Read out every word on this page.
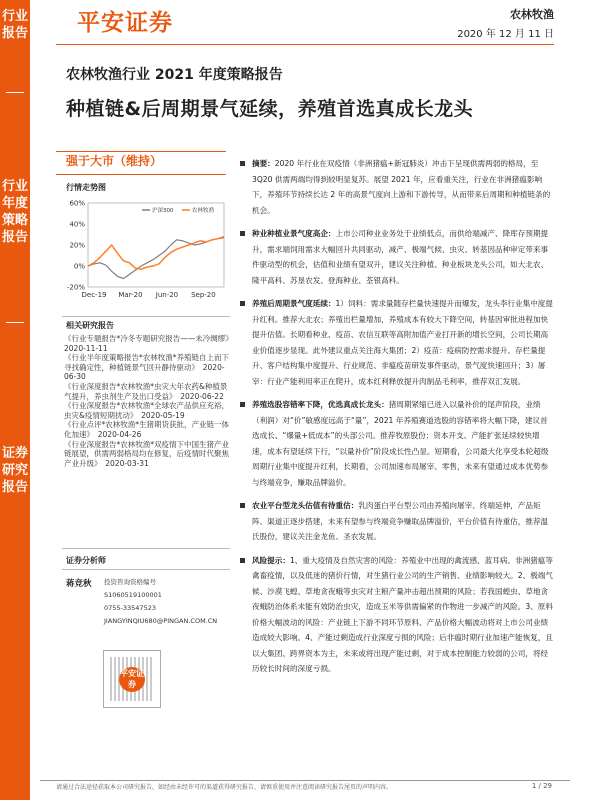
行业报告
行业年度策略报告
证券研究报告
平安证券	农林牧渔
2020 年 12 月 11 日
农林牧渔行业 2021 年度策略报告
种植链&后周期景气延续，养殖首选真成长龙头
强于大市（维持）
行情走势图
60%
40%
20%
0%
-20%
Dec-19 Mar-20 Jun-20 Sep-20
沪深300	农林牧渔
相关研究报告
《行业专题报告*冷冬专题研究报告——未冷绸缪》　2020-11-11
《行业半年度策略报告*农林牧渔*养殖链自上而下寻找确定性，种植链景气回升静待驱动》　2020-06-30
《行业深度报告*农林牧渔*虫灾大年农药&种植景气提升，养虫剂生产及出口受益》　2020-06-22
《行业深度报告*农林牧渔*全球农产品供应充裕，虫灾&疫情短期扰动》　2020-05-19
《行业点评*农林牧渔*生猪期货获批，产业链一体化加速》　2020-04-26
《行业深度报告*农林牧渔*双疫情下中国生猪产业链展望，供需两弱格局均在修复，后疫情时代聚焦产业升级》　2020-03-31
证券分析师
蒋竞秋 投资咨询资格编号
S1060519100001
0755-33547523
JIANGYINQIU680@PINGAN.COM.CN
平安证券
摘要：2020 年行业在双疫情（非洲猪瘟+新冠肺炎）冲击下呈现供需两弱的格局，至 3Q20 供需两端均得到较明显复苏。展望 2021 年，应看重关注，行业在非洲猪瘟影响下，养殖环节持续长达 2 年的高景气度向上游和下游传导，从而带来后周期和种植链条的机会。
种业种植业景气度高企：上市公司种业业务处于业绩低点，而供给端减产、降库存预期提升，需求端饲用需求大幅回升共同驱动，减产、极端气候、虫灾、转基因品种审定带来事件驱动型的机会，估值和业绩有望双升，建议关注种植、种业板块龙头公司，如大北农、隆平高科、苏垦农发、登海种业、荃银高科。
养殖后周期景气度延续：1）饲料：需求量随存栏量快速提升而爆发，龙头李行业集中度提升红利。推荐大北农；养殖出栏量增加，养殖成本有较大下降空间，转基因审批进程加快提升估值。长期看种业、疫苗、农信互联等高附加值产业打开新的增长空间，公司长期高业价值逐步显现。此外建议重点关注海大集团；2）疫苗：疫病防控需求提升、存栏量提升、客户结构集中度提升、行业规范、非瘟疫苗研发事件驱动，景气度快速回升；3）屠宰：行业产能利用率正在爬升，成本红利释放提升肉制品毛利率，推荐双汇发展。
养殖选股容错率下降，优选真成长龙头：猪周期紧缩已进入以量补价的尾声阶段，业绩（利润）对“价”敏感度远高于“量”，2021 年养殖赛道选股的容错率将大幅下降，建议首选成长、“爆量+低成本”的头部公司。推荐牧原股份；资本开支、产能扩张延续较快增速，成本有望延续下行，“以量补价”阶段成长性凸显。短期看，公司最大化享受本轮超级周期行业集中度提升红利，长期看，公司加速布局屠宰、零售，未来有望通过成本优势参与终端竞争，赚取品牌溢价。
农业平台型龙头估值有待重估：乳肉蛋白平台型公司由养殖向屠宰、终端延伸，产品矩阵、渠道正逐步搭建，未来有望参与终端竞争赚取品牌溢价，平台价值有待重估，推荐温氏股份，建议关注金龙鱼、圣农发展。
风险提示：1、重大疫情及自然灾害的风险：养殖业中出现的禽流感、蓝耳病、非洲猪瘟等禽畜疫情，以及低迷的猪价行情，对生猪行业公司的生产销售、业绩影响较大。2、极端气候、沙漠飞蝗、草地贪夜蛾等虫灾对主粮产量冲击超出预期的风险；若我国蝗虫、草地贪夜蛾防治体系未能有效防治虫灾，造成玉米等供需偏紧的作物进一步减产的风险。3、原料价格大幅波动的风险：产业链上下游不同环节原料、产品价格大幅波动将对上市公司业绩造成较大影响。4、产能过剩造成行业深度亏损的风险；后非瘟时期行业加速产能恢复，且以大集团、跨界资本为主，未来或将出现产能过剩，对于成本控制能力较弱的公司，将经历较长时间的深度亏损。
请通过合法途径获取本公司研究报告，如经由未经许可的渠道获得研究报告，请慎重使用并注意阅读研究报告尾页的声明内容。	1 / 29
